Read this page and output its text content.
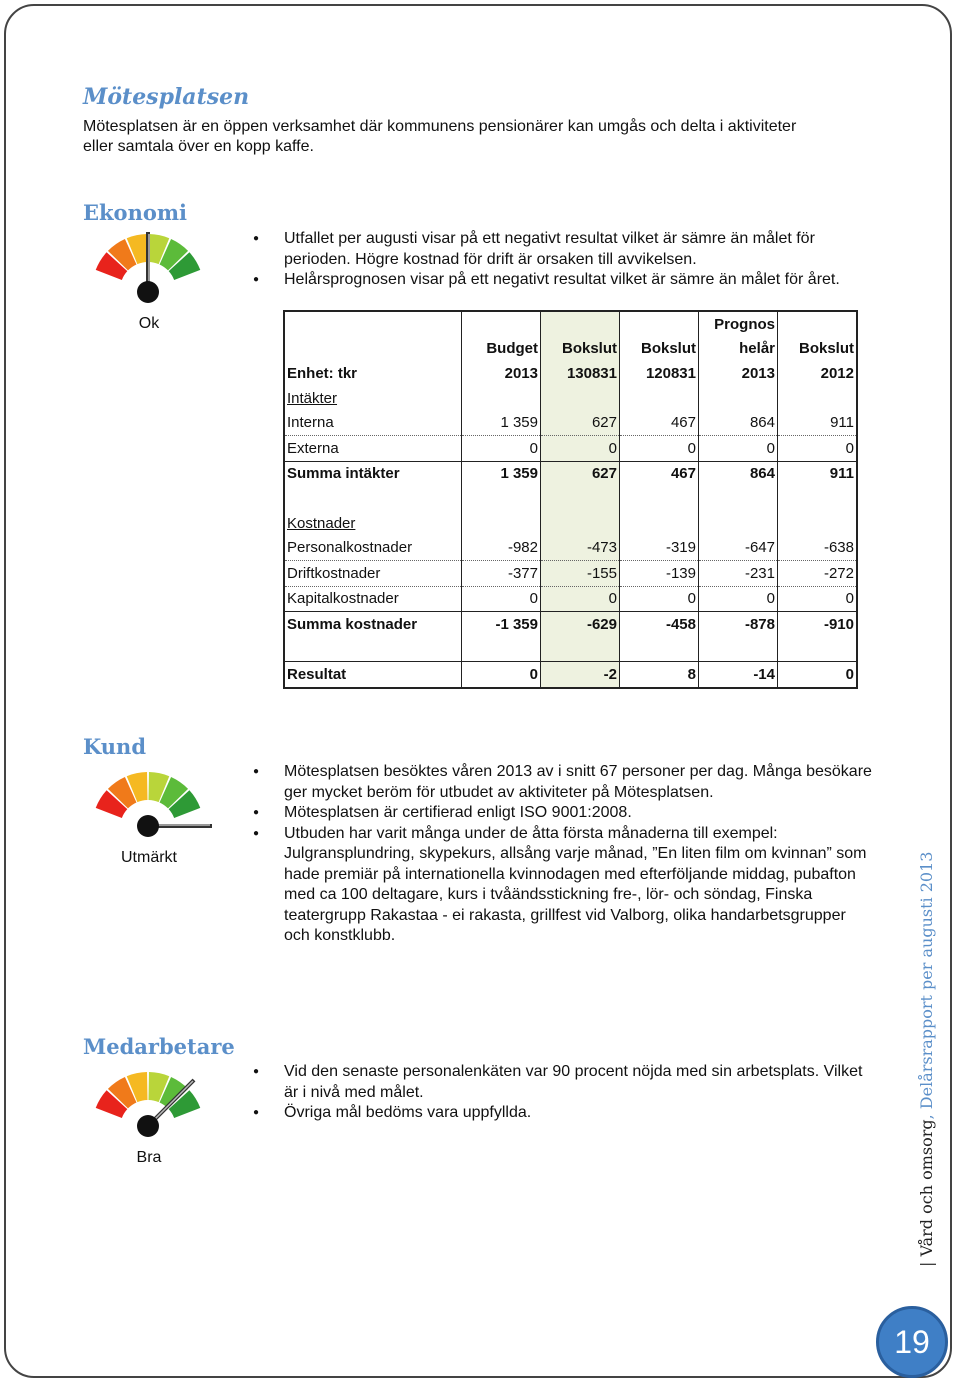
Mötesplatsen
Mötesplatsen är en öppen verksamhet där kommunens pensionärer kan umgås och delta i aktiviteter
eller samtala över en kopp kaffe.
Ekonomi
Ok
● Utfallet per augusti visar på ett negativt resultat vilket är sämre än målet för perioden. Högre kostnad för drift är orsaken till avvikelsen.
● Helårsprognosen visar på ett negativt resultat vilket är sämre än målet för året.
				Prognos	
	Budget	Bokslut	Bokslut	helår	Bokslut
Enhet: tkr	2013	130831	120831	2013	2012
Intäkter					
Interna	1 359	627	467	864	911
Externa	0	0	0	0	0
Summa intäkter	1 359	627	467	864	911

Kostnader					
Personalkostnader	-982	-473	-319	-647	-638
Driftkostnader	-377	-155	-139	-231	-272
Kapitalkostnader	0	0	0	0	0
Summa kostnader	-1 359	-629	-458	-878	-910

Resultat	0	-2	8	-14	0
Kund
Utmärkt
● Mötesplatsen besöktes våren 2013 av i snitt 67 personer per dag. Många besökare ger mycket beröm för utbudet av aktiviteter på Mötesplatsen.
● Mötesplatsen är certifierad enligt ISO 9001:2008.
● Utbuden har varit många under de åtta första månaderna till exempel: Julgransplundring, skypekurs, allsång varje månad, ”En liten film om kvinnan” som hade premiär på internationella kvinnodagen med efterföljande middag, pubafton med ca 100 deltagare, kurs i tvåändsstickning fre-, lör- och söndag, Finska teatergrupp Rakastaa - ei rakasta, grillfest vid Valborg, olika handarbetsgrupper och konstklubb.
Medarbetare
Bra
● Vid den senaste personalenkäten var 90 procent nöjda med sin arbetsplats. Vilket är i nivå med målet.
● Övriga mål bedöms vara uppfyllda.
| Vård och omsorg, Delårsrapport per augusti 2013
19
